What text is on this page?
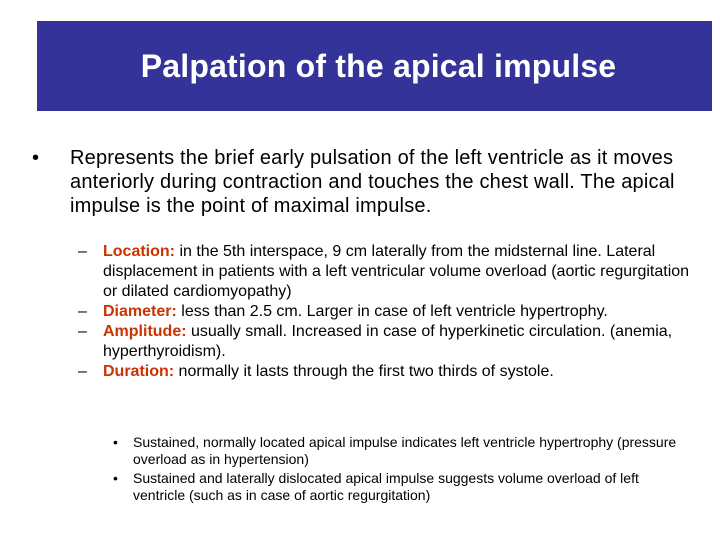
Palpation of the apical impulse
• Represents the brief early pulsation of the left ventricle as it moves anteriorly during contraction and touches the chest wall. The apical impulse is the point of maximal impulse.

– Location: in the 5th interspace, 9 cm laterally from the midsternal line. Lateral displacement in patients with a left ventricular volume overload (aortic regurgitation or dilated cardiomyopathy)

– Diameter: less than 2.5 cm. Larger in case of left ventricle hypertrophy.

– Amplitude: usually small. Increased in case of hyperkinetic circulation. (anemia, hyperthyroidism).

– Duration: normally it lasts through the first two thirds of systole.

• Sustained, normally located apical impulse indicates left ventricle hypertrophy (pressure overload as in hypertension)

• Sustained and laterally dislocated apical impulse suggests volume overload of left ventricle (such as in case of aortic regurgitation)
